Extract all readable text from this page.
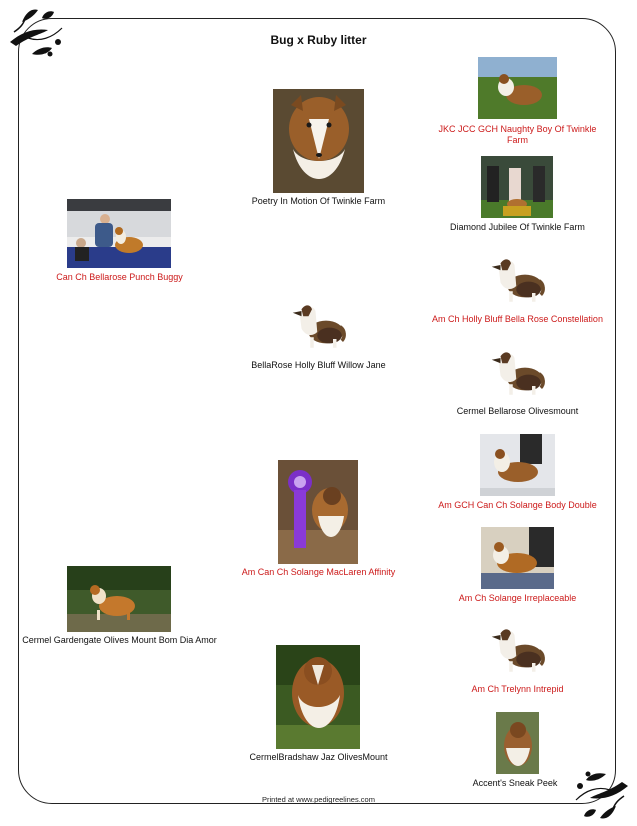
Bug x Ruby litter
Can Ch Bellarose Punch Buggy
Cermel Gardengate Olives Mount Bom Dia Amor
Poetry In Motion Of Twinkle Farm
BellaRose Holly Bluff Willow Jane
Am Can Ch Solange MacLaren Affinity
CermelBradshaw Jaz OlivesMount
JKC JCC GCH Naughty Boy Of Twinkle Farm
Diamond Jubilee Of Twinkle Farm
Am Ch Holly Bluff Bella Rose Constellation
Cermel Bellarose Olivesmount
Am GCH Can Ch Solange Body Double
Am Ch Solange Irreplaceable
Am Ch Trelynn Intrepid
Accent's Sneak Peek
Printed at www.pedigreelines.com
